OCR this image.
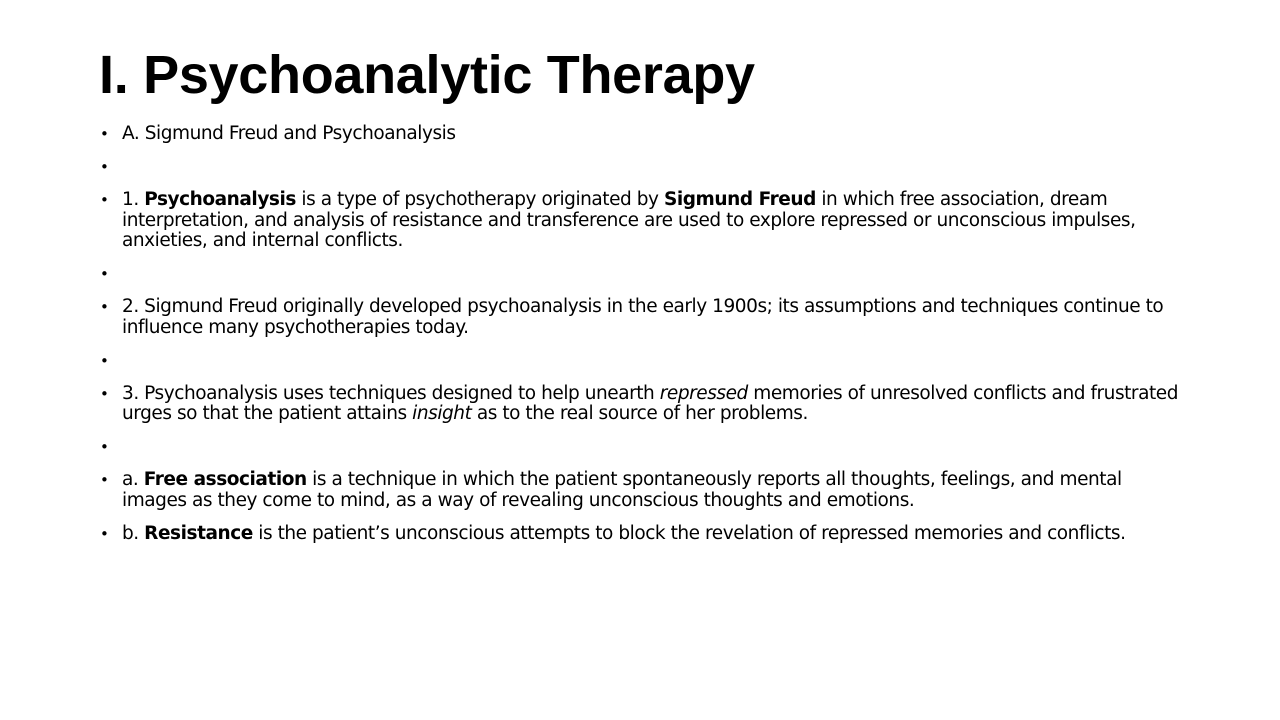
I. Psychoanalytic Therapy
• A. Sigmund Freud and Psychoanalysis
•
• 1. Psychoanalysis is a type of psychotherapy originated by Sigmund Freud in which free association, dream interpretation, and analysis of resistance and transference are used to explore repressed or unconscious impulses, anxieties, and internal conflicts.
•
• 2. Sigmund Freud originally developed psychoanalysis in the early 1900s; its assumptions and techniques continue to influence many psychotherapies today.
•
• 3. Psychoanalysis uses techniques designed to help unearth repressed memories of unresolved conflicts and frustrated urges so that the patient attains insight as to the real source of her problems.
•
• a. Free association is a technique in which the patient spontaneously reports all thoughts, feelings, and mental images as they come to mind, as a way of revealing unconscious thoughts and emotions.
• b. Resistance is the patient’s unconscious attempts to block the revelation of repressed memories and conflicts.
